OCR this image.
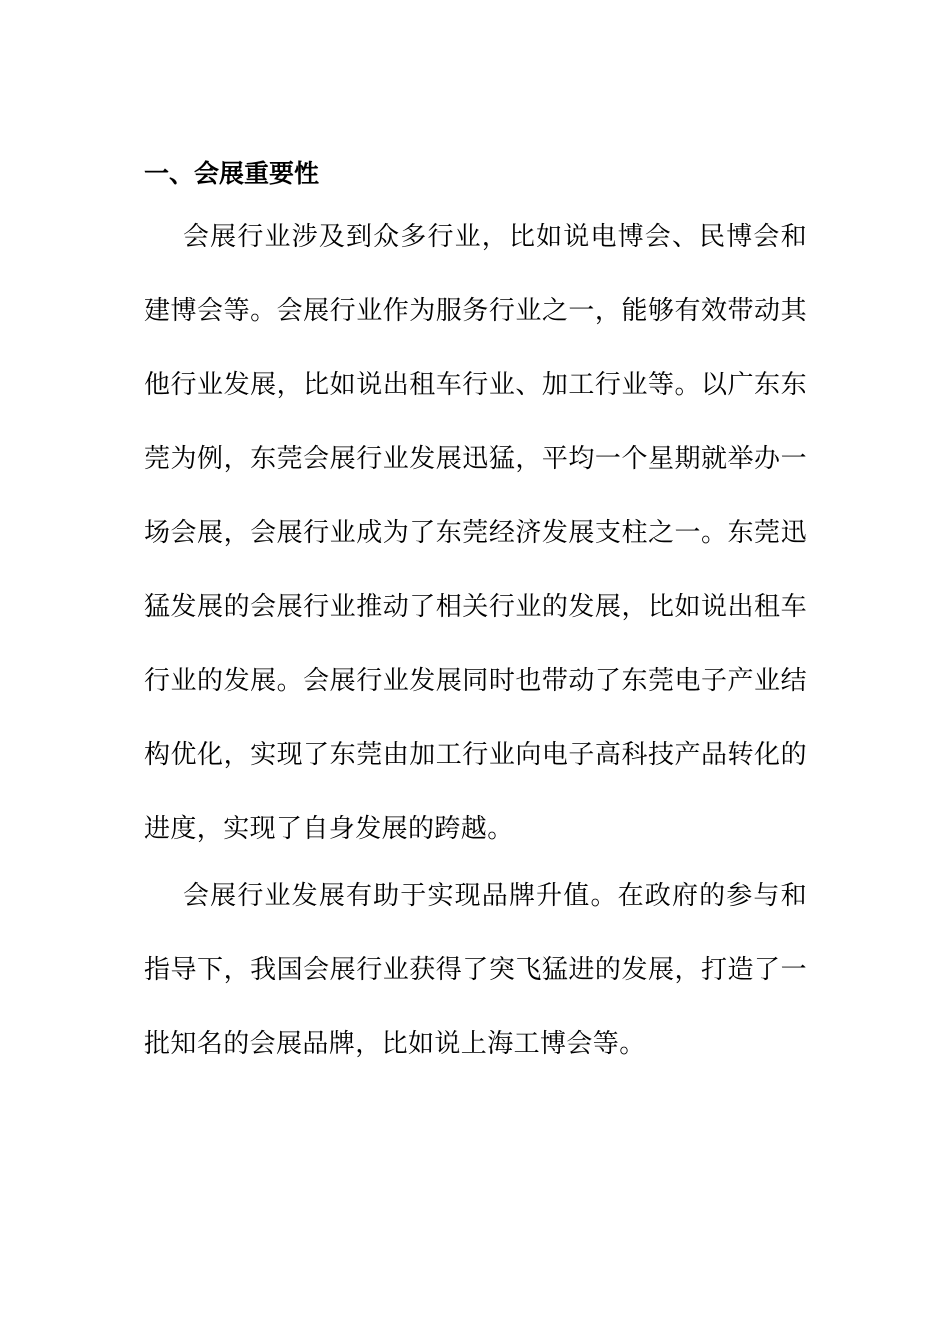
一、会展重要性

会展行业涉及到众多行业，比如说电博会、民博会和建博会等。会展行业作为服务行业之一，能够有效带动其他行业发展，比如说出租车行业、加工行业等。以广东东莞为例，东莞会展行业发展迅猛，平均一个星期就举办一场会展，会展行业成为了东莞经济发展支柱之一。东莞迅猛发展的会展行业推动了相关行业的发展，比如说出租车行业的发展。会展行业发展同时也带动了东莞电子产业结构优化，实现了东莞由加工行业向电子高科技产品转化的进度，实现了自身发展的跨越。

会展行业发展有助于实现品牌升值。在政府的参与和指导下，我国会展行业获得了突飞猛进的发展，打造了一批知名的会展品牌，比如说上海工博会等。
